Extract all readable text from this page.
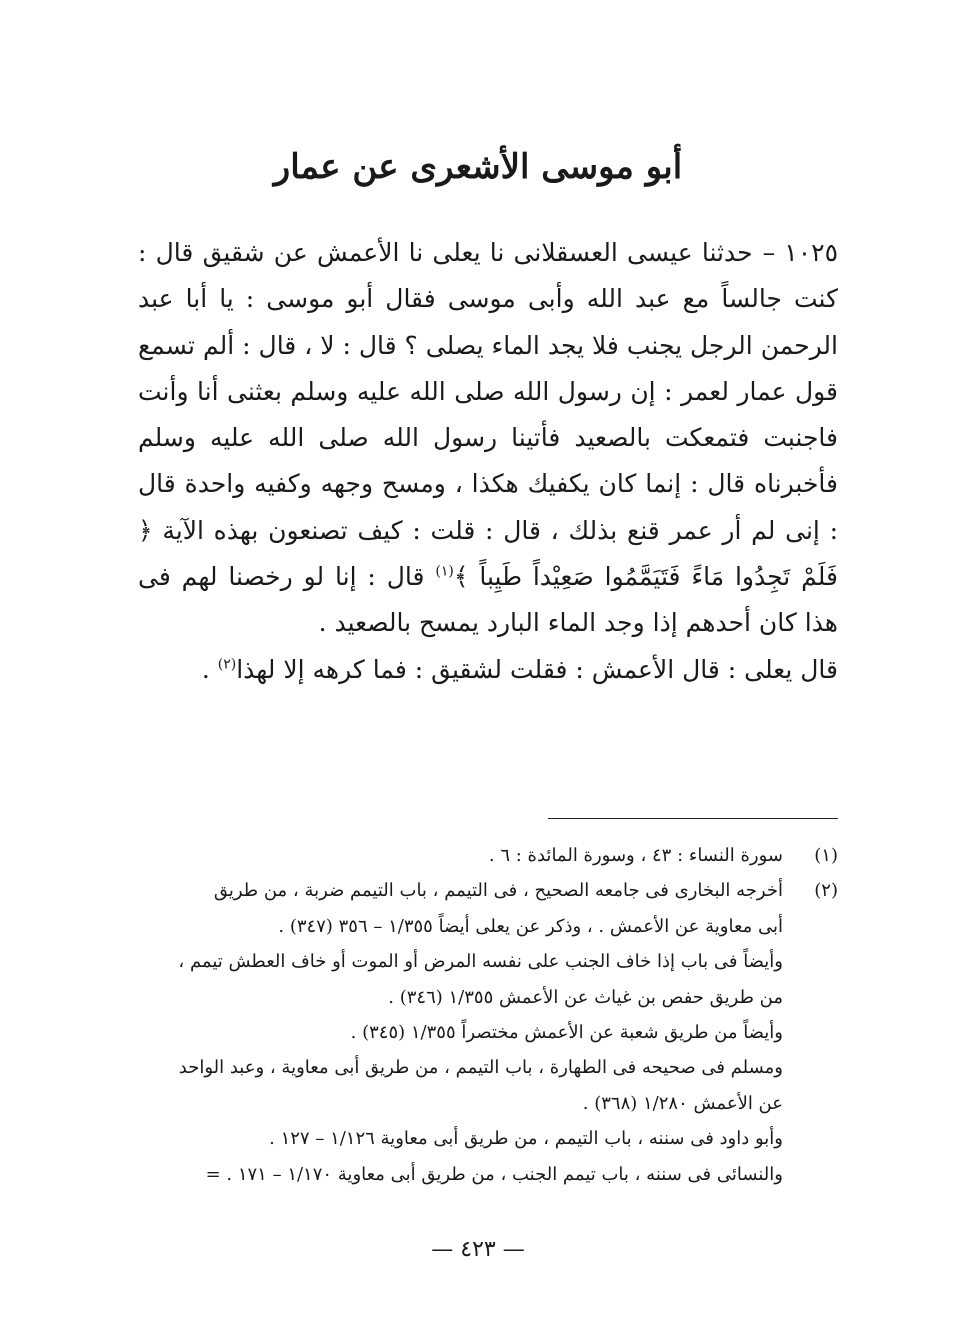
أبو موسى الأشعرى عن عمار

١٠٢٥ –حدثنا عيسى العسقلانى نا يعلى نا الأعمش عن شقيق قال : كنت جالساً مع عبد الله وأبى موسى فقال أبو موسى : يا أبا عبد الرحمن الرجل يجنب فلا يجد الماء يصلى ؟ قال : لا ، قال : ألم تسمع قول عمار لعمر : إن رسول الله صلى الله عليه وسلم بعثنى أنا وأنت فاجنبت فتمعكت بالصعيد فأتينا رسول الله صلى الله عليه وسلم فأخبرناه قال : إنما كان يكفيك هكذا ، ومسح وجهه وكفيه واحدة قال : إنى لم أر عمر قنع بذلك ، قال : قلت : كيف تصنعون بهذه الآية ﴿ فَلَمْ تَجِدُوا مَاءً فَتَيَمَّمُوا صَعِيْداً طَيِباً ﴾$^{(١)}$ قال : إنا لو رخصنا لهم فى هذا كان أحدهم إذا وجد الماء البارد يمسح بالصعيد .

قال يعلى : قال الأعمش : فقلت لشقيق : فما كرهه إلا لهذا$^{(٢)}$ .

(١)
سورة النساء : ٤٣ ، وسورة المائدة : ٦ .
(٢)
أخرجه البخارى فى جامعه الصحيح ، فى التيمم ، باب التيمم ضربة ، من طريق
أبى معاوية عن الأعمش . ، وذكر عن يعلى أيضاً ١/٣٥٥ – ٣٥٦ (٣٤٧) .
وأيضاً فى باب إذا خاف الجنب على نفسه المرض أو الموت أو خاف العطش تيمم ،
من طريق حفص بن غياث عن الأعمش ١/٣٥٥ (٣٤٦) .
وأيضاً من طريق شعبة عن الأعمش مختصراً ١/٣٥٥ (٣٤٥) .
ومسلم فى صحيحه فى الطهارة ، باب التيمم ، من طريق أبى معاوية ، وعبد الواحد
عن الأعمش ١/٢٨٠ (٣٦٨) .
وأبو داود فى سننه ، باب التيمم ، من طريق أبى معاوية ١/١٢٦ – ١٢٧ .
والنسائى فى سننه ، باب تيمم الجنب ، من طريق أبى معاوية ١/١٧٠ – ١٧١ . =
— ٤٢٣ —
